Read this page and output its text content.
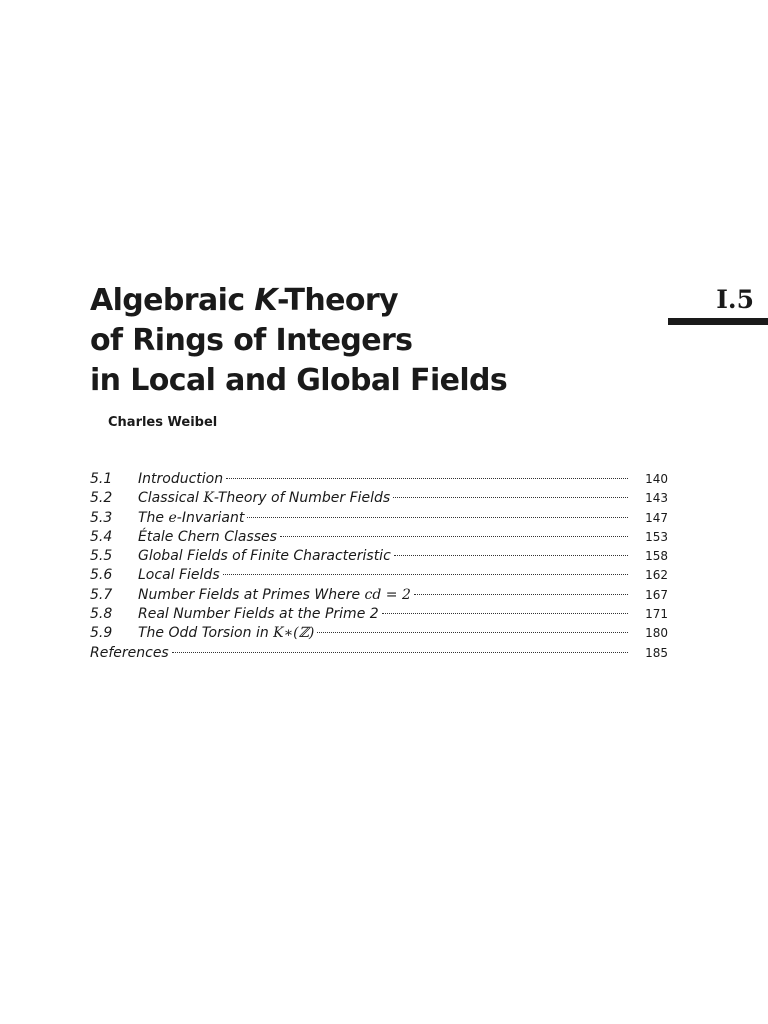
Algebraic K-Theory
of Rings of Integers
in Local and Global Fields
I.5
Charles Weibel
5.1	Introduction	140
5.2	Classical K-Theory of Number Fields	143
5.3	The e-Invariant	147
5.4	Étale Chern Classes	153
5.5	Global Fields of Finite Characteristic	158
5.6	Local Fields	162
5.7	Number Fields at Primes Where cd = 2	167
5.8	Real Number Fields at the Prime 2	171
5.9	The Odd Torsion in K∗(ℤ)	180
References	185
